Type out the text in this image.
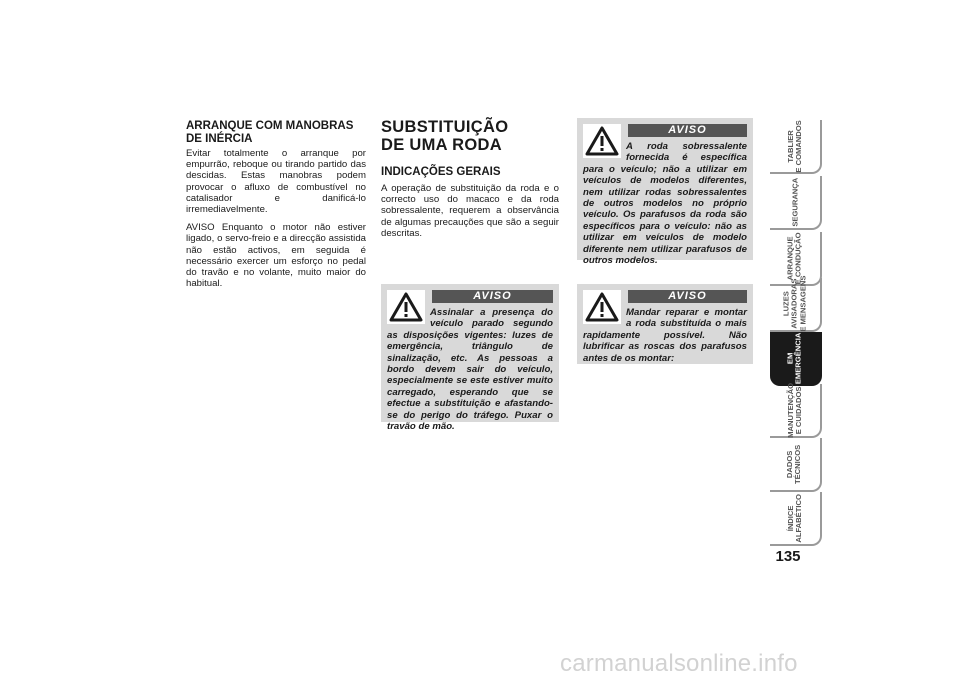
ARRANQUE COM MANOBRAS DE INÉRCIA

Evitar totalmente o arranque por empurrão, reboque ou tirando partido das descidas. Estas manobras podem provocar o afluxo de combustível no catalisador e danificá-lo irremediavelmente.

AVISO Enquanto o motor não estiver ligado, o servo-freio e a direcção assistida não estão activos, em seguida é necessário exercer um esforço no pedal do travão e no volante, muito maior do habitual.

SUBSTITUIÇÃO
DE UMA RODA

INDICAÇÕES GERAIS

A operação de substituição da roda e o correcto uso do macaco e da roda sobressalente, requerem a observância de algumas precauções que são a seguir descritas.

AVISO

Assinalar a presença do veículo parado segundo as disposições vigentes: luzes de emergência, triângulo de sinalização, etc. As pessoas a bordo devem sair do veículo, especialmente se este estiver muito carregado, esperando que se efectue a substituição e afastando-se do perigo do tráfego. Puxar o travão de mão.

AVISO

A roda sobressalente fornecida é específica para o veículo; não a utilizar em veículos de modelos diferentes, nem utilizar rodas sobressalentes de outros modelos no próprio veículo. Os parafusos da roda são específicos para o veículo: não as utilizar em veículos de modelo diferente nem utilizar parafusos de outros modelos.

AVISO

Mandar reparar e montar a roda substituída o mais rapidamente possível. Não lubrificar as roscas dos parafusos antes de os montar:

TABLIER
E COMANDOS
SEGURANÇA
ARRANQUE
E CONDUÇÃO
LUZES
AVISADORAS
E MENSAGENS
EM
EMERGÊNCIA
MANUTENÇÃO
E CUIDADOS
DADOS
TÉCNICOS
ÍNDICE
ALFABÉTICO
135
carmanualsonline.info
